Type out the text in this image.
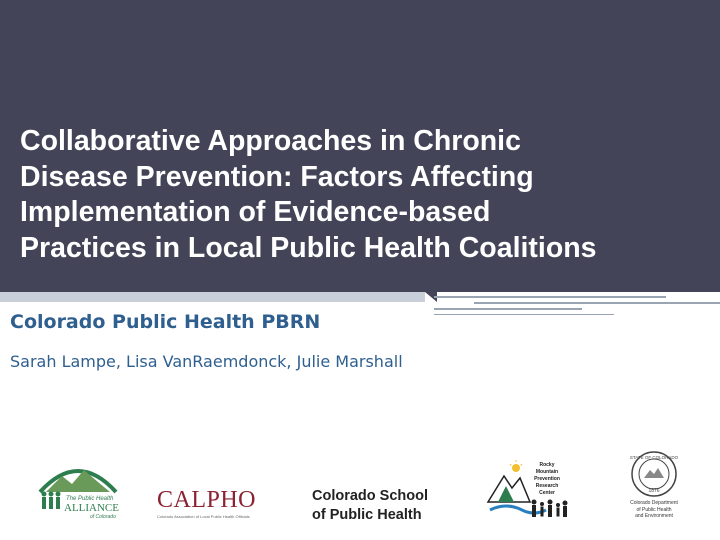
Collaborative Approaches in Chronic
Disease Prevention: Factors Affecting
Implementation of Evidence-based
Practices in Local Public Health Coalitions

Colorado Public Health PBRN

Sarah Lampe, Lisa VanRaemdonck, Julie Marshall

The Public Health
ALLIANCE
of Colorado
CALPHO
Colorado Association of Local Public Health Officials
Colorado School
of Public Health
Rocky
Mountain
Prevention
Research
Center
STATE OF COLORADO
1876
Colorado Department
of Public Health
and Environment
